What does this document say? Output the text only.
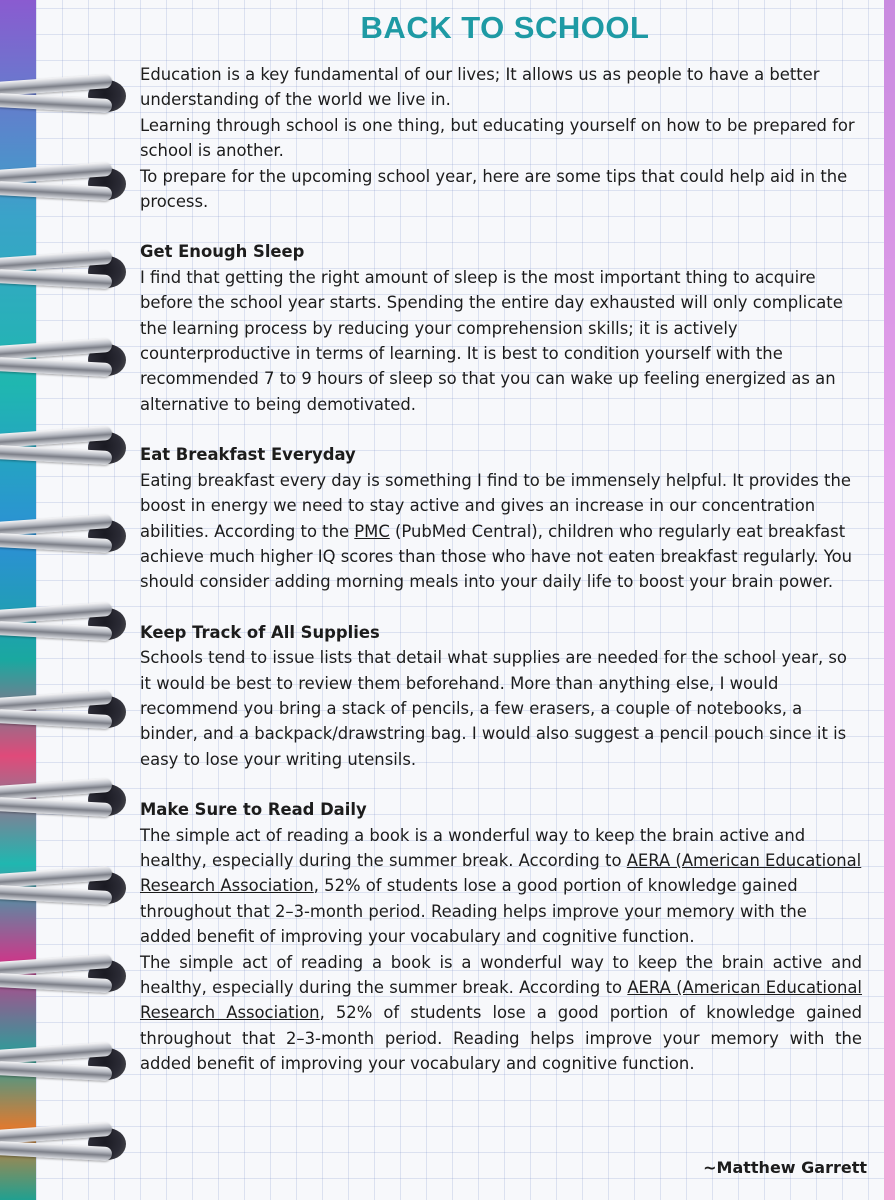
BACK TO SCHOOL

Education is a key fundamental of our lives; It allows us as people to have a better understanding of the world we live in.

Learning through school is one thing, but educating yourself on how to be prepared for school is another.

To prepare for the upcoming school year, here are some tips that could help aid in the process.

Get Enough Sleep

I find that getting the right amount of sleep is the most important thing to acquire before the school year starts. Spending the entire day exhausted will only complicate the learning process by reducing your comprehension skills; it is actively counterproductive in terms of learning. It is best to condition yourself with the recommended 7 to 9 hours of sleep so that you can wake up feeling energized as an alternative to being demotivated.

Eat Breakfast Everyday

Eating breakfast every day is something I find to be immensely helpful. It provides the boost in energy we need to stay active and gives an increase in our concentration abilities. According to the PMC (PubMed Central), children who regularly eat breakfast achieve much higher IQ scores than those who have not eaten breakfast regularly. You should consider adding morning meals into your daily life to boost your brain power.

Keep Track of All Supplies

Schools tend to issue lists that detail what supplies are needed for the school year, so it would be best to review them beforehand. More than anything else, I would recommend you bring a stack of pencils, a few erasers, a couple of notebooks, a binder, and a backpack/drawstring bag. I would also suggest a pencil pouch since it is easy to lose your writing utensils.

Make Sure to Read Daily

The simple act of reading a book is a wonderful way to keep the brain active and healthy, especially during the summer break. According to AERA (American Educational Research Association, 52% of students lose a good portion of knowledge gained throughout that 2–3-month period. Reading helps improve your memory with the added benefit of improving your vocabulary and cognitive function.

The simple act of reading a book is a wonderful way to keep the brain active and healthy, especially during the summer break. According to AERA (American Educational Research Association, 52% of students lose a good portion of knowledge gained throughout that 2–3-month period. Reading helps improve your memory with the added benefit of improving your vocabulary and cognitive function.

~Matthew Garrett
